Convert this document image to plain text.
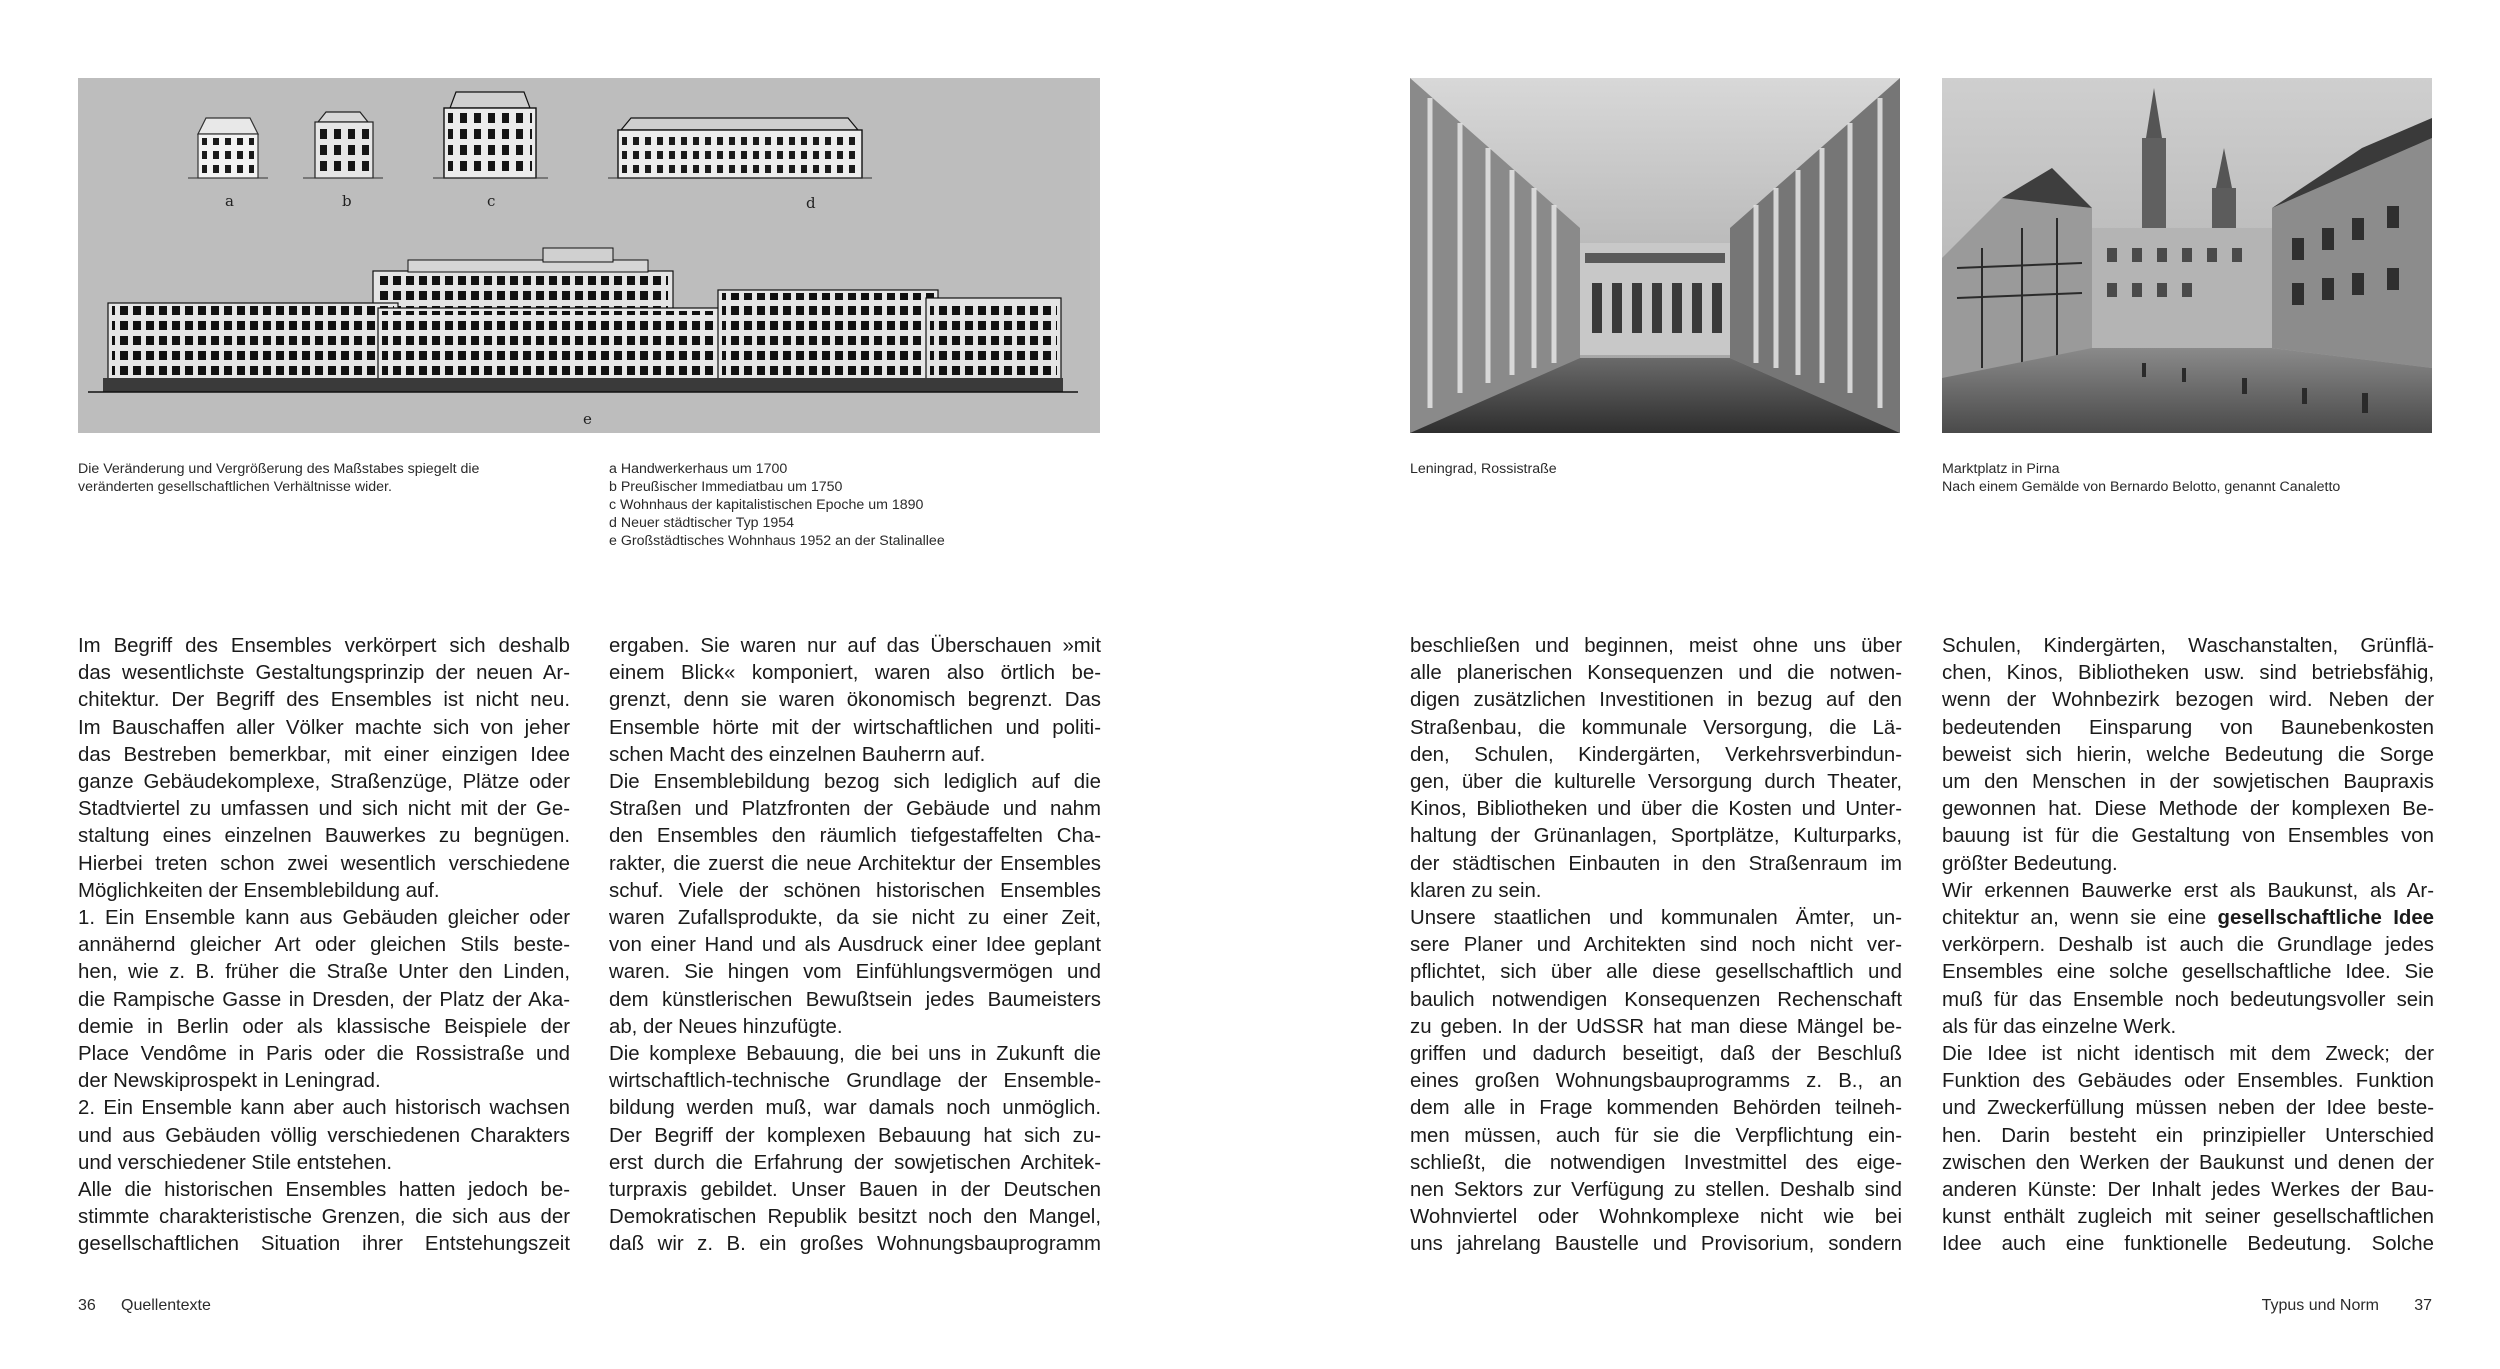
a	b	c	d
e
Die Veränderung und Vergrößerung des Maßstabes spiegelt die
veränderten gesellschaftlichen Verhältnisse wider.
a Handwerkerhaus um 1700
b Preußischer Immediatbau um 1750
c Wohnhaus der kapitalistischen Epoche um 1890
d Neuer städtischer Typ 1954
e Großstädtisches Wohnhaus 1952 an der Stalinallee
Im Begriff des Ensembles verkörpert sich deshalb
das wesentlichste Gestaltungsprinzip der neuen Ar-
chitektur. Der Begriff des Ensembles ist nicht neu.
Im Bauschaffen aller Völker machte sich von jeher
das Bestreben bemerkbar, mit einer einzigen Idee
ganze Gebäudekomplexe, Straßenzüge, Plätze oder
Stadtviertel zu umfassen und sich nicht mit der Ge-
staltung eines einzelnen Bauwerkes zu begnügen.
Hierbei treten schon zwei wesentlich verschiedene
Möglichkeiten der Ensemblebildung auf.
1. Ein Ensemble kann aus Gebäuden gleicher oder
annähernd gleicher Art oder gleichen Stils beste-
hen, wie z. B. früher die Straße Unter den Linden,
die Rampische Gasse in Dresden, der Platz der Aka-
demie in Berlin oder als klassische Beispiele der
Place Vendôme in Paris oder die Rossistraße und
der Newskiprospekt in Leningrad.
2. Ein Ensemble kann aber auch historisch wachsen
und aus Gebäuden völlig verschiedenen Charakters
und verschiedener Stile entstehen.
Alle die historischen Ensembles hatten jedoch be-
stimmte charakteristische Grenzen, die sich aus der
gesellschaftlichen Situation ihrer Entstehungszeit
ergaben. Sie waren nur auf das Überschauen »mit
einem Blick« komponiert, waren also örtlich be-
grenzt, denn sie waren ökonomisch begrenzt. Das
Ensemble hörte mit der wirtschaftlichen und politi-
schen Macht des einzelnen Bauherrn auf.
Die Ensemblebildung bezog sich lediglich auf die
Straßen und Platzfronten der Gebäude und nahm
den Ensembles den räumlich tiefgestaffelten Cha-
rakter, die zuerst die neue Architektur der Ensembles
schuf. Viele der schönen historischen Ensembles
waren Zufallsprodukte, da sie nicht zu einer Zeit,
von einer Hand und als Ausdruck einer Idee geplant
waren. Sie hingen vom Einfühlungsvermögen und
dem künstlerischen Bewußtsein jedes Baumeisters
ab, der Neues hinzufügte.
Die komplexe Bebauung, die bei uns in Zukunft die
wirtschaftlich-technische Grundlage der Ensemble-
bildung werden muß, war damals noch unmöglich.
Der Begriff der komplexen Bebauung hat sich zu-
erst durch die Erfahrung der sowjetischen Architek-
turpraxis gebildet. Unser Bauen in der Deutschen
Demokratischen Republik besitzt noch den Mangel,
daß wir z. B. ein großes Wohnungsbauprogramm
36 Quellentexte
Leningrad, Rossistraße	Marktplatz in Pirna
Nach einem Gemälde von Bernardo Belotto, genannt Canaletto
beschließen und beginnen, meist ohne uns über
alle planerischen Konsequenzen und die notwen-
digen zusätzlichen Investitionen in bezug auf den
Straßenbau, die kommunale Versorgung, die Lä-
den, Schulen, Kindergärten, Verkehrsverbindun-
gen, über die kulturelle Versorgung durch Theater,
Kinos, Bibliotheken und über die Kosten und Unter-
haltung der Grünanlagen, Sportplätze, Kulturparks,
der städtischen Einbauten in den Straßenraum im
klaren zu sein.
Unsere staatlichen und kommunalen Ämter, un-
sere Planer und Architekten sind noch nicht ver-
pflichtet, sich über alle diese gesellschaftlich und
baulich notwendigen Konsequenzen Rechenschaft
zu geben. In der UdSSR hat man diese Mängel be-
griffen und dadurch beseitigt, daß der Beschluß
eines großen Wohnungsbauprogramms z. B., an
dem alle in Frage kommenden Behörden teilneh-
men müssen, auch für sie die Verpflichtung ein-
schließt, die notwendigen Investmittel des eige-
nen Sektors zur Verfügung zu stellen. Deshalb sind
Wohnviertel oder Wohnkomplexe nicht wie bei
uns jahrelang Baustelle und Provisorium, sondern
Schulen, Kindergärten, Waschanstalten, Grünflä-
chen, Kinos, Bibliotheken usw. sind betriebsfähig,
wenn der Wohnbezirk bezogen wird. Neben der
bedeutenden Einsparung von Baunebenkosten
beweist sich hierin, welche Bedeutung die Sorge
um den Menschen in der sowjetischen Baupraxis
gewonnen hat. Diese Methode der komplexen Be-
bauung ist für die Gestaltung von Ensembles von
größter Bedeutung.
Wir erkennen Bauwerke erst als Baukunst, als Ar-
chitektur an, wenn sie eine gesellschaftliche Idee
verkörpern. Deshalb ist auch die Grundlage jedes
Ensembles eine solche gesellschaftliche Idee. Sie
muß für das Ensemble noch bedeutungsvoller sein
als für das einzelne Werk.
Die Idee ist nicht identisch mit dem Zweck; der
Funktion des Gebäudes oder Ensembles. Funktion
und Zweckerfüllung müssen neben der Idee beste-
hen. Darin besteht ein prinzipieller Unterschied
zwischen den Werken der Baukunst und denen der
anderen Künste: Der Inhalt jedes Werkes der Bau-
kunst enthält zugleich mit seiner gesellschaftlichen
Idee auch eine funktionelle Bedeutung. Solche
Typus und Norm 37
